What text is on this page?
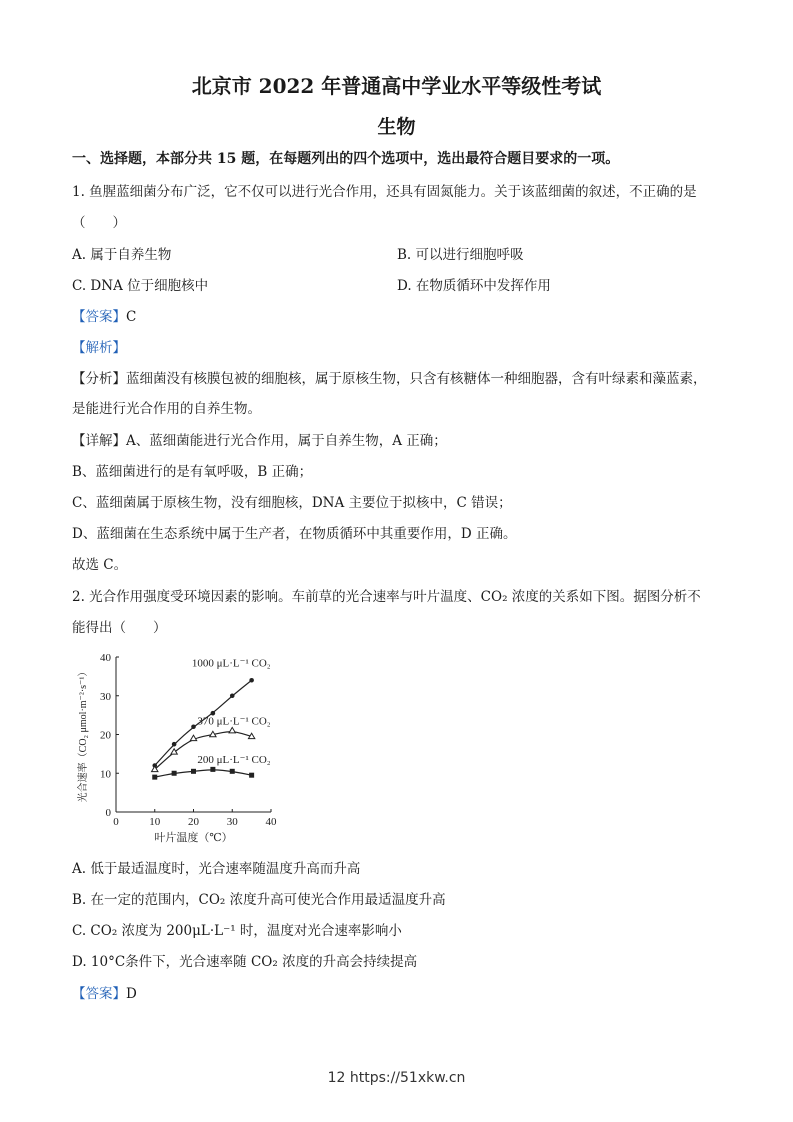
北京市 2022 年普通高中学业水平等级性考试
生物
一、选择题，本部分共 15 题，在每题列出的四个选项中，选出最符合题目要求的一项。
1. 鱼腥蓝细菌分布广泛，它不仅可以进行光合作用，还具有固氮能力。关于该蓝细菌的叙述，不正确的是
（　　）
A. 属于自养生物	B. 可以进行细胞呼吸
C. DNA 位于细胞核中	D. 在物质循环中发挥作用
【答案】C
【解析】
【分析】蓝细菌没有核膜包被的细胞核，属于原核生物，只含有核糖体一种细胞器，含有叶绿素和藻蓝素，
是能进行光合作用的自养生物。
【详解】A、蓝细菌能进行光合作用，属于自养生物，A 正确；
B、蓝细菌进行的是有氧呼吸，B 正确；
C、蓝细菌属于原核生物，没有细胞核，DNA 主要位于拟核中，C 错误；
D、蓝细菌在生态系统中属于生产者，在物质循环中其重要作用，D 正确。
故选 C。
2. 光合作用强度受环境因素的影响。车前草的光合速率与叶片温度、CO₂ 浓度的关系如下图。据图分析不
能得出（　　）
0	10	20	30	40
0
10
20
30
40
叶片温度（℃）
光合速率（CO₂ μmol·m⁻²·s⁻¹）
1000 μL·L⁻¹ CO₂
370 μL·L⁻¹ CO₂
200 μL·L⁻¹ CO₂
A. 低于最适温度时，光合速率随温度升高而升高
B. 在一定的范围内，CO₂ 浓度升高可使光合作用最适温度升高
C. CO₂ 浓度为 200μL·L⁻¹ 时，温度对光合速率影响小
D. 10°C条件下，光合速率随 CO₂ 浓度的升高会持续提高
【答案】D
12 https://51xkw.cn
